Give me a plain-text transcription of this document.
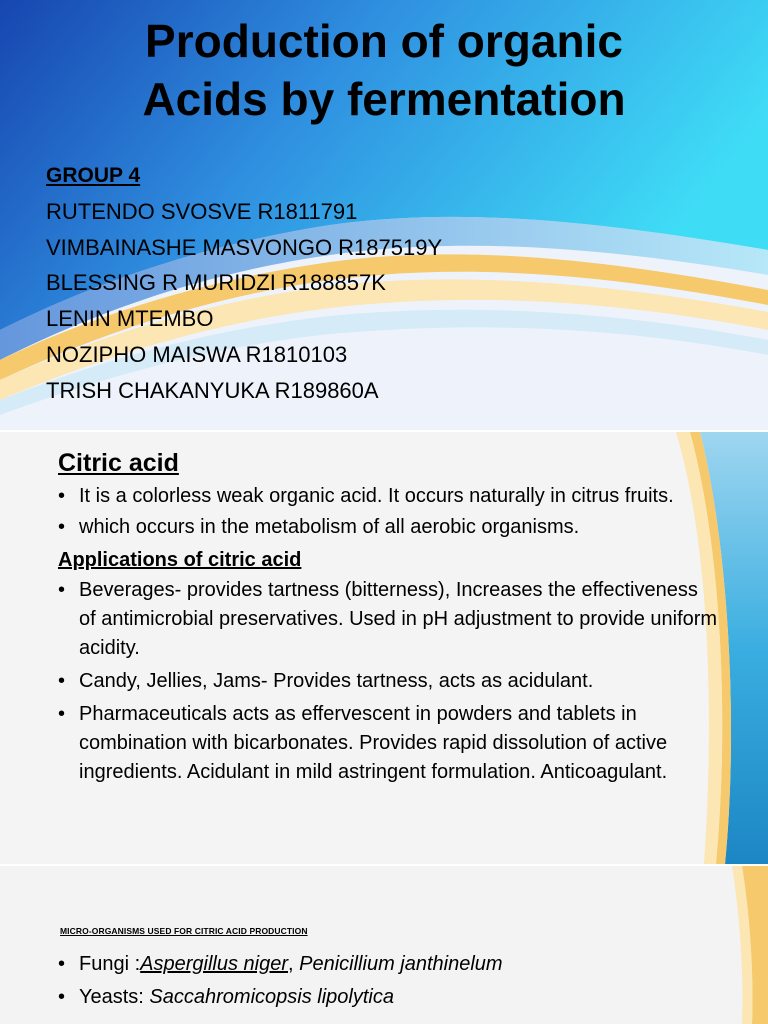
Production of organic
Acids by fermentation
GROUP 4
RUTENDO SVOSVE R1811791
VIMBAINASHE MASVONGO R187519Y
BLESSING R MURIDZI R188857K
LENIN MTEMBO
NOZIPHO MAISWA R1810103
TRISH CHAKANYUKA R189860A
Citric acid
• It is a colorless weak organic acid. It occurs naturally in citrus fruits.
• which occurs in the metabolism of all aerobic organisms.
Applications of citric acid
• Beverages- provides tartness (bitterness), Increases the effectiveness of antimicrobial preservatives. Used in pH adjustment to provide uniform acidity.
• Candy, Jellies, Jams- Provides tartness, acts as acidulant.
• Pharmaceuticals acts as effervescent in powders and tablets in combination with bicarbonates. Provides rapid dissolution of active ingredients. Acidulant in mild astringent formulation. Anticoagulant.
MICRO-ORGANISMS USED FOR CITRIC ACID PRODUCTION
• Fungi :Aspergillus niger, Penicillium janthinelum
• Yeasts: Saccahromicopsis lipolytica
